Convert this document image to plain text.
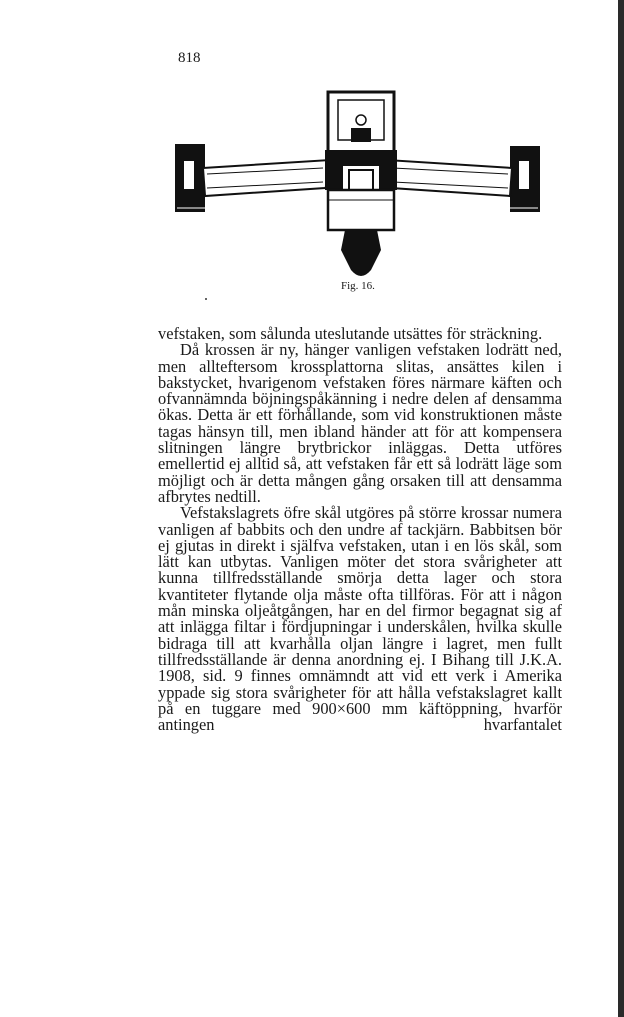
818
Fig. 16.

vefstaken, som sålunda uteslutande utsättes för sträckning.

Då krossen är ny, hänger vanligen vefstaken lodrätt ned, men allteftersom krossplattorna slitas, ansättes kilen i bakstycket, hvarigenom vefstaken föres närmare käften och ofvannämnda böjningspåkänning i nedre delen af densamma ökas. Detta är ett förhållande, som vid konstruktionen måste tagas hänsyn till, men ibland händer att för att kompensera slitningen längre brytbrickor inläggas. Detta utföres emellertid ej alltid så, att vefstaken får ett så lodrätt läge som möjligt och är detta mången gång orsaken till att densamma afbrytes nedtill.

Vefstakslagrets öfre skål utgöres på större krossar numera vanligen af babbits och den undre af tackjärn. Babbitsen bör ej gjutas in direkt i själfva vefstaken, utan i en lös skål, som lätt kan utbytas. Vanligen möter det stora svårigheter att kunna tillfredsställande smörja detta lager och stora kvantiteter flytande olja måste ofta tillföras. För att i någon mån minska oljeåtgången, har en del firmor begagnat sig af att inlägga filtar i fördjupningar i underskålen, hvilka skulle bidraga till att kvarhålla oljan längre i lagret, men fullt tillfredsställande är denna anordning ej. I Bihang till J.K.A. 1908, sid. 9 finnes omnämndt att vid ett verk i Amerika yppade sig stora svårigheter för att hålla vefstakslagret kallt på en tuggare med 900×600 mm käftöppning, hvarför antingen hvarfantalet
